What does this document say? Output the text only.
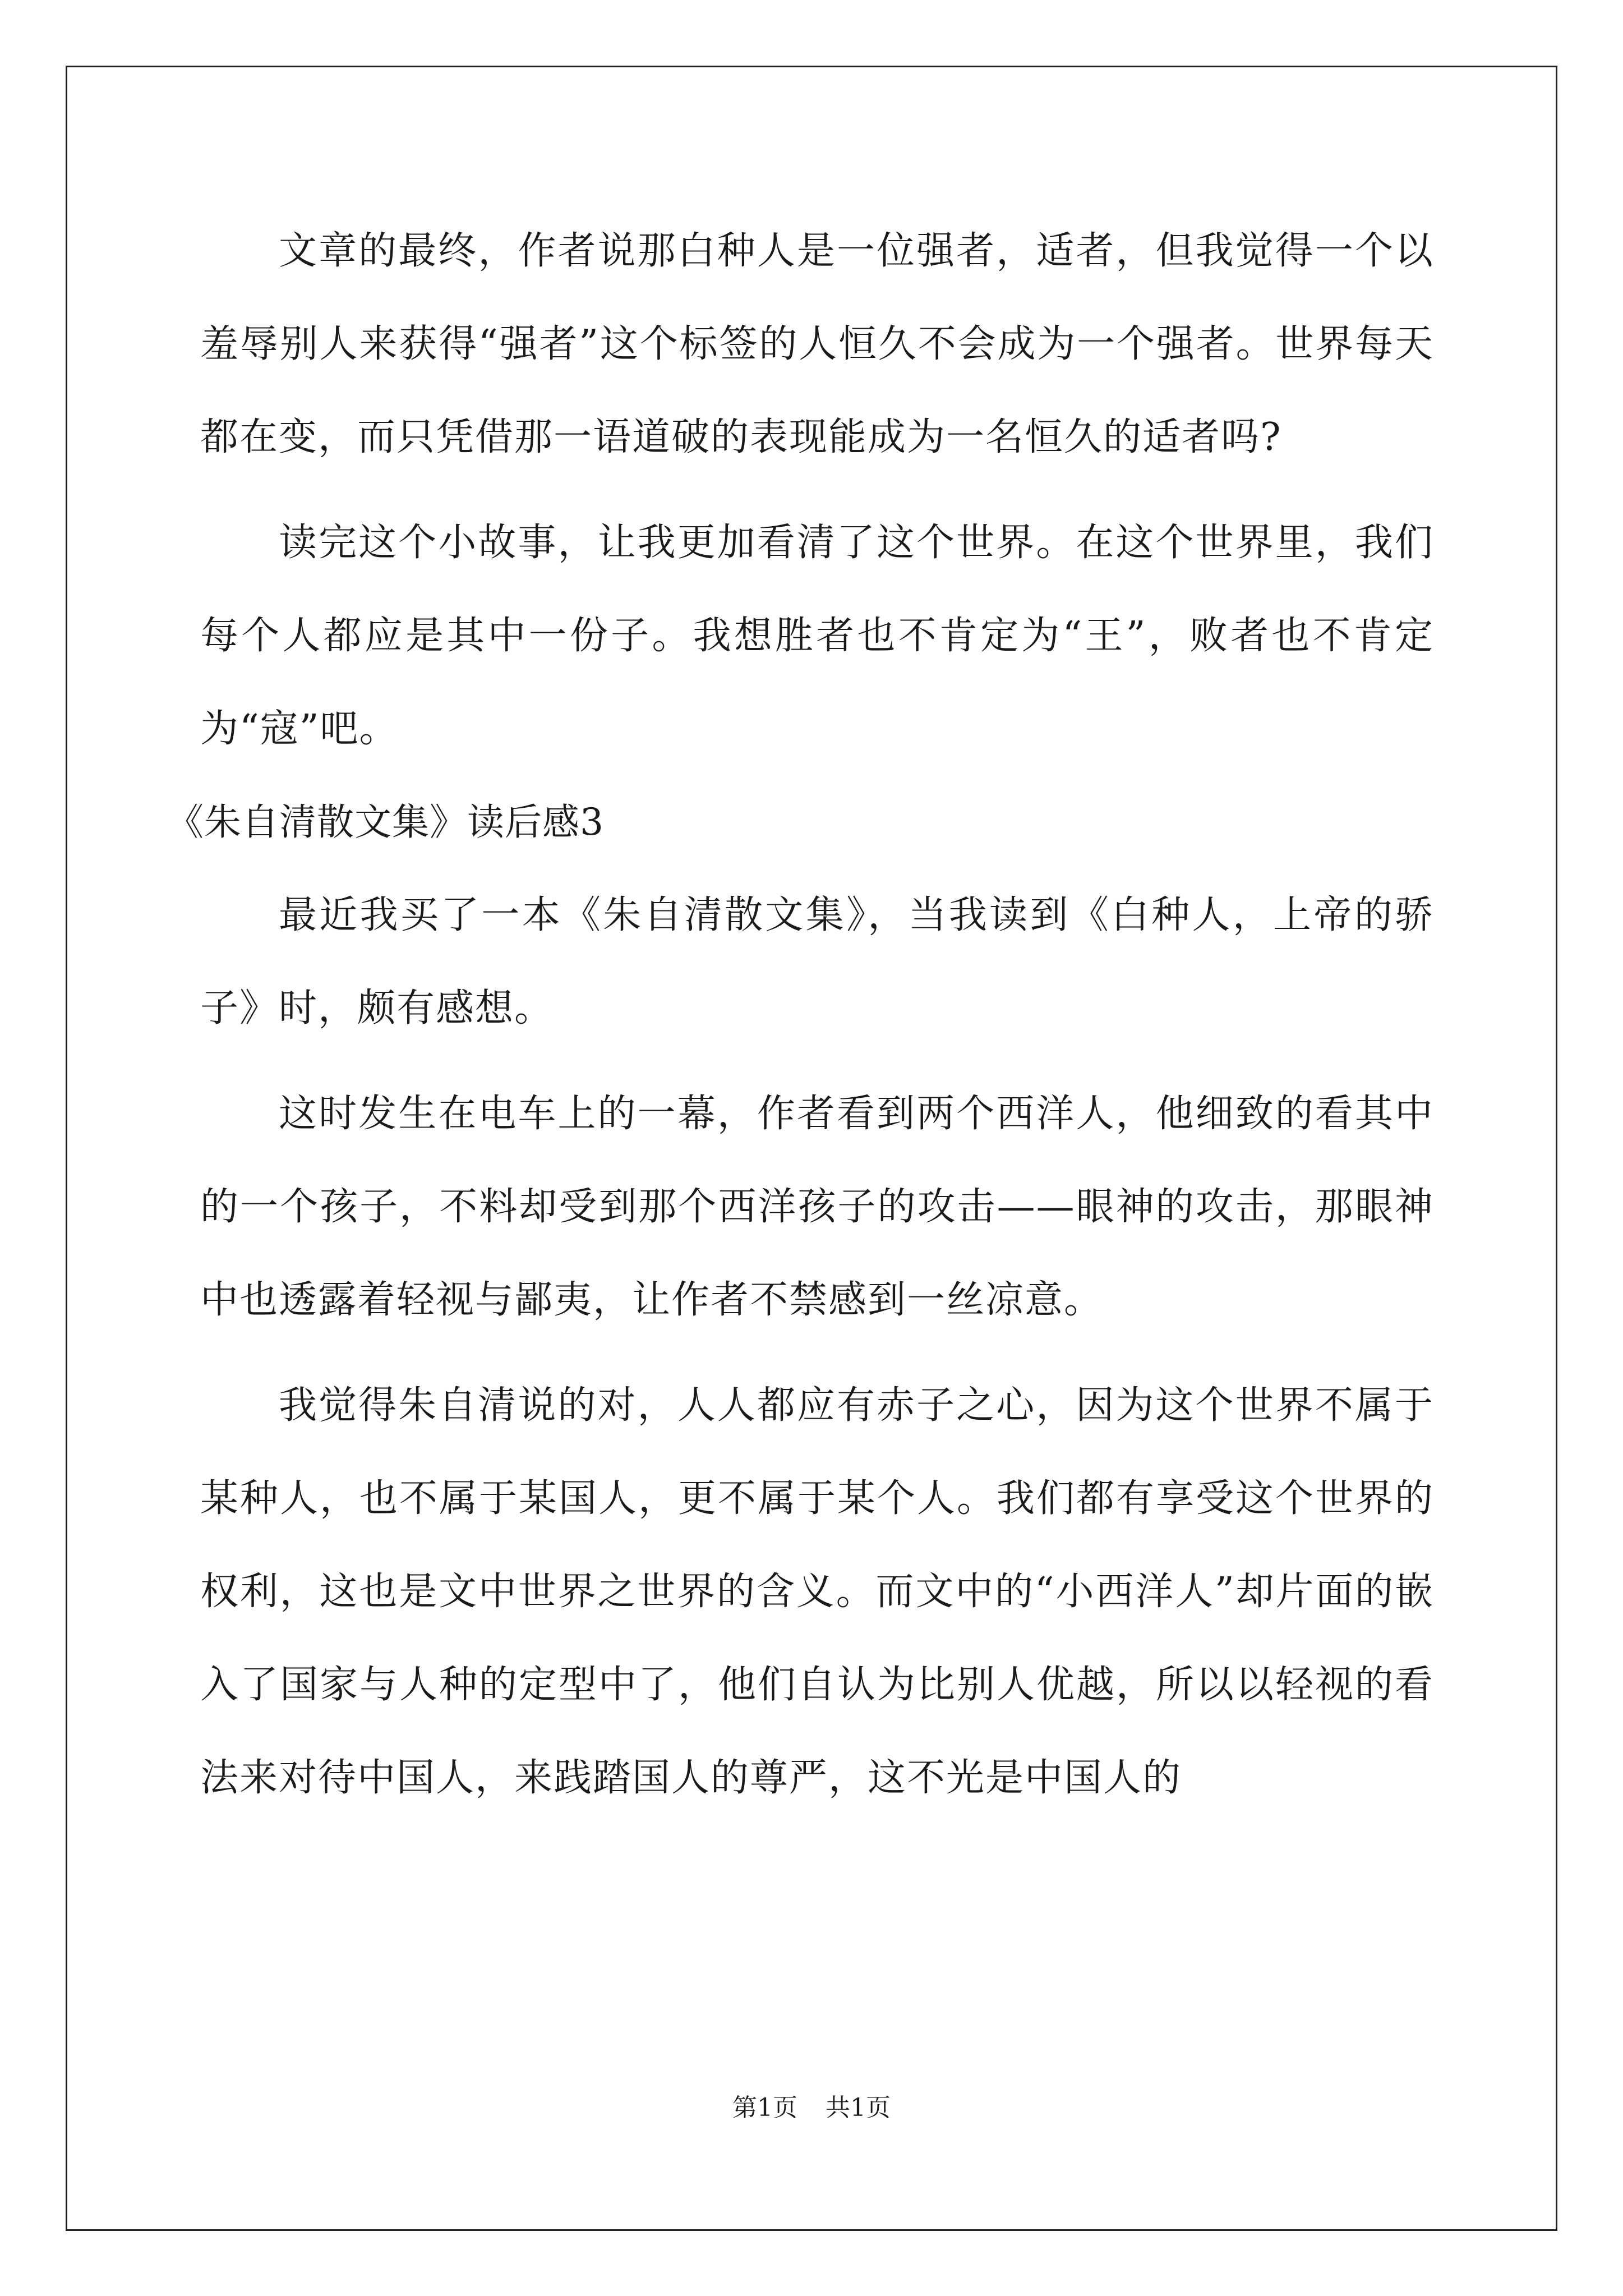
文章的最终，作者说那白种人是一位强者，适者，但我觉得一个以羞辱别人来获得“强者”这个标签的人恒久不会成为一个强者。世界每天都在变，而只凭借那一语道破的表现能成为一名恒久的适者吗?

读完这个小故事，让我更加看清了这个世界。在这个世界里，我们每个人都应是其中一份子。我想胜者也不肯定为“王”，败者也不肯定为“寇”吧。

《朱自清散文集》读后感3

最近我买了一本《朱自清散文集》，当我读到《白种人，上帝的骄子》时，颇有感想。

这时发生在电车上的一幕，作者看到两个西洋人，他细致的看其中的一个孩子，不料却受到那个西洋孩子的攻击——眼神的攻击，那眼神中也透露着轻视与鄙夷，让作者不禁感到一丝凉意。

我觉得朱自清说的对，人人都应有赤子之心，因为这个世界不属于某种人，也不属于某国人，更不属于某个人。我们都有享受这个世界的权利，这也是文中世界之世界的含义。而文中的“小西洋人”却片面的嵌入了国家与人种的定型中了，他们自认为比别人优越，所以以轻视的看法来对待中国人，来践踏国人的尊严，这不光是中国人的

第1页 共1页
